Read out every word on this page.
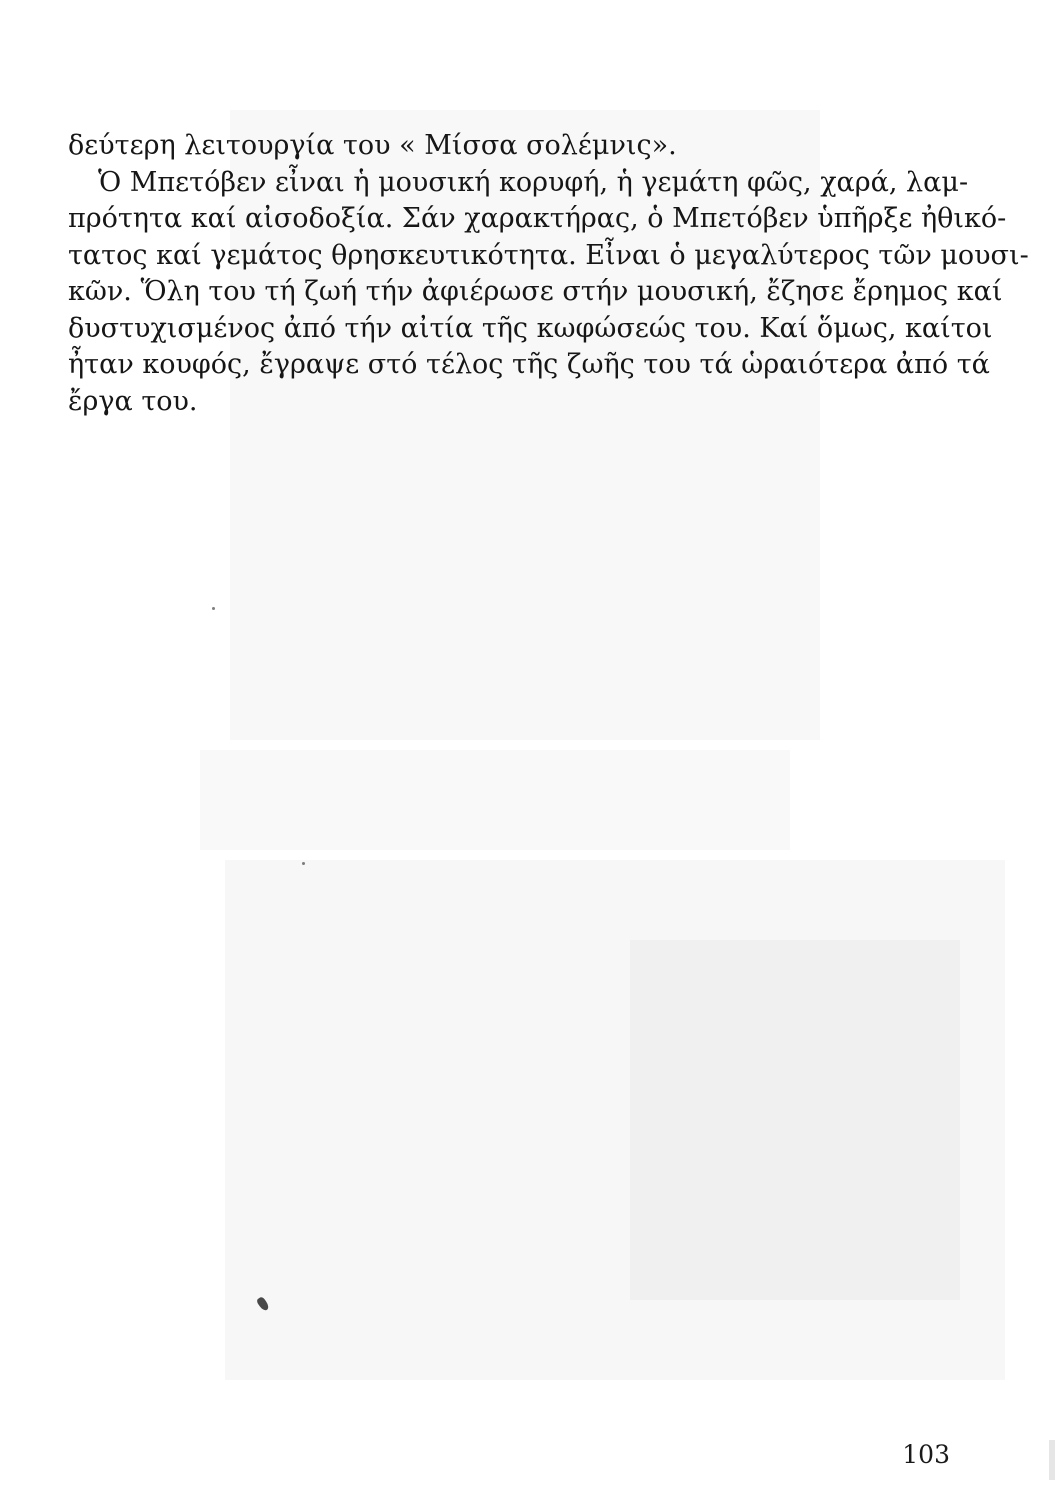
δεύτερη λειτουργία του « Μίσσα σολέμνις».
Ὁ Μπετόβεν εἶναι ἡ μουσική κορυφή, ἡ γεμάτη φῶς, χαρά, λαμ-
πρότητα καί αἰσοδοξία. Σάν χαρακτήρας, ὁ Μπετόβεν ὑπῆρξε ἠθικό-
τατος καί γεμάτος θρησκευτικότητα. Εἶναι ὁ μεγαλύτερος τῶν μουσι-
κῶν. Ὅλη του τή ζωή τήν ἀφιέρωσε στήν μουσική, ἔζησε ἔρημος καί
δυστυχισμένος ἀπό τήν αἰτία τῆς κωφώσεώς του. Καί ὅμως, καίτοι
ἦταν κουφός, ἔγραψε στό τέλος τῆς ζωῆς του τά ὡραιότερα ἀπό τά
ἔργα του.
103
